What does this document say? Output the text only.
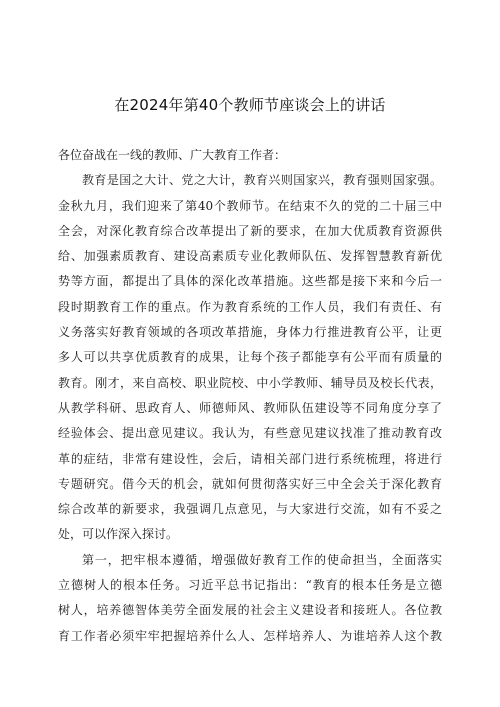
在2024年第40个教师节座谈会上的讲话

各位奋战在一线的教师、广大教育工作者：

教育是国之大计、党之大计，教育兴则国家兴，教育强则国家强。
金秋九月，我们迎来了第40个教师节。在结束不久的党的二十届三中
全会，对深化教育综合改革提出了新的要求，在加大优质教育资源供
给、加强素质教育、建设高素质专业化教师队伍、发挥智慧教育新优
势等方面，都提出了具体的深化改革措施。这些都是接下来和今后一
段时期教育工作的重点。作为教育系统的工作人员，我们有责任、有
义务落实好教育领域的各项改革措施，身体力行推进教育公平，让更
多人可以共享优质教育的成果，让每个孩子都能享有公平而有质量的
教育。刚才，来自高校、职业院校、中小学教师、辅导员及校长代表，
从教学科研、思政育人、师德师风、教师队伍建设等不同角度分享了
经验体会、提出意见建议。我认为，有些意见建议找准了推动教育改
革的症结，非常有建设性，会后，请相关部门进行系统梳理，将进行
专题研究。借今天的机会，就如何贯彻落实好三中全会关于深化教育
综合改革的新要求，我强调几点意见，与大家进行交流，如有不妥之
处，可以作深入探讨。

第一，把牢根本遵循，增强做好教育工作的使命担当，全面落实
立德树人的根本任务。习近平总书记指出：“教育的根本任务是立德
树人，培养德智体美劳全面发展的社会主义建设者和接班人。各位教
育工作者必须牢牢把握培养什么人、怎样培养人、为谁培养人这个教
